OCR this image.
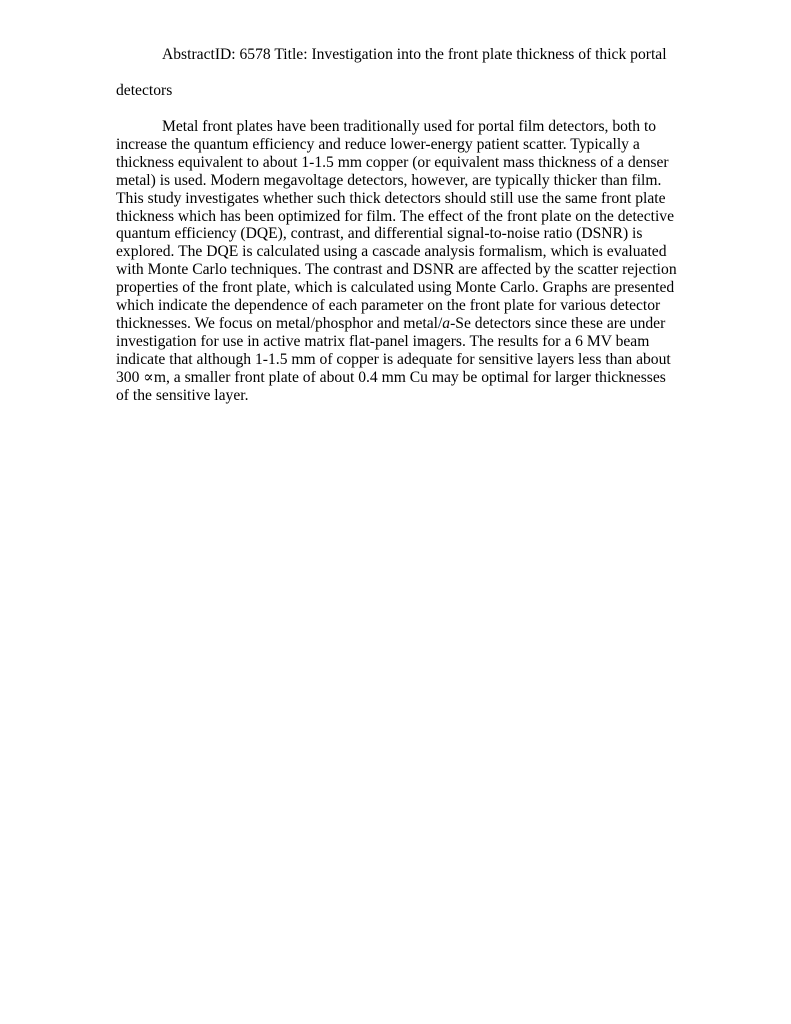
AbstractID: 6578 Title: Investigation into the front plate thickness of thick portal

detectors

Metal front plates have been traditionally used for portal film detectors, both to
increase the quantum efficiency and reduce lower-energy patient scatter. Typically a
thickness equivalent to about 1-1.5 mm copper (or equivalent mass thickness of a denser
metal) is used. Modern megavoltage detectors, however, are typically thicker than film.
This study investigates whether such thick detectors should still use the same front plate
thickness which has been optimized for film. The effect of the front plate on the detective
quantum efficiency (DQE), contrast, and differential signal-to-noise ratio (DSNR) is
explored. The DQE is calculated using a cascade analysis formalism, which is evaluated
with Monte Carlo techniques. The contrast and DSNR are affected by the scatter rejection
properties of the front plate, which is calculated using Monte Carlo. Graphs are presented
which indicate the dependence of each parameter on the front plate for various detector
thicknesses. We focus on metal/phosphor and metal/a-Se detectors since these are under
investigation for use in active matrix flat-panel imagers. The results for a 6 MV beam
indicate that although 1-1.5 mm of copper is adequate for sensitive layers less than about
300 ∝m, a smaller front plate of about 0.4 mm Cu may be optimal for larger thicknesses
of the sensitive layer.
